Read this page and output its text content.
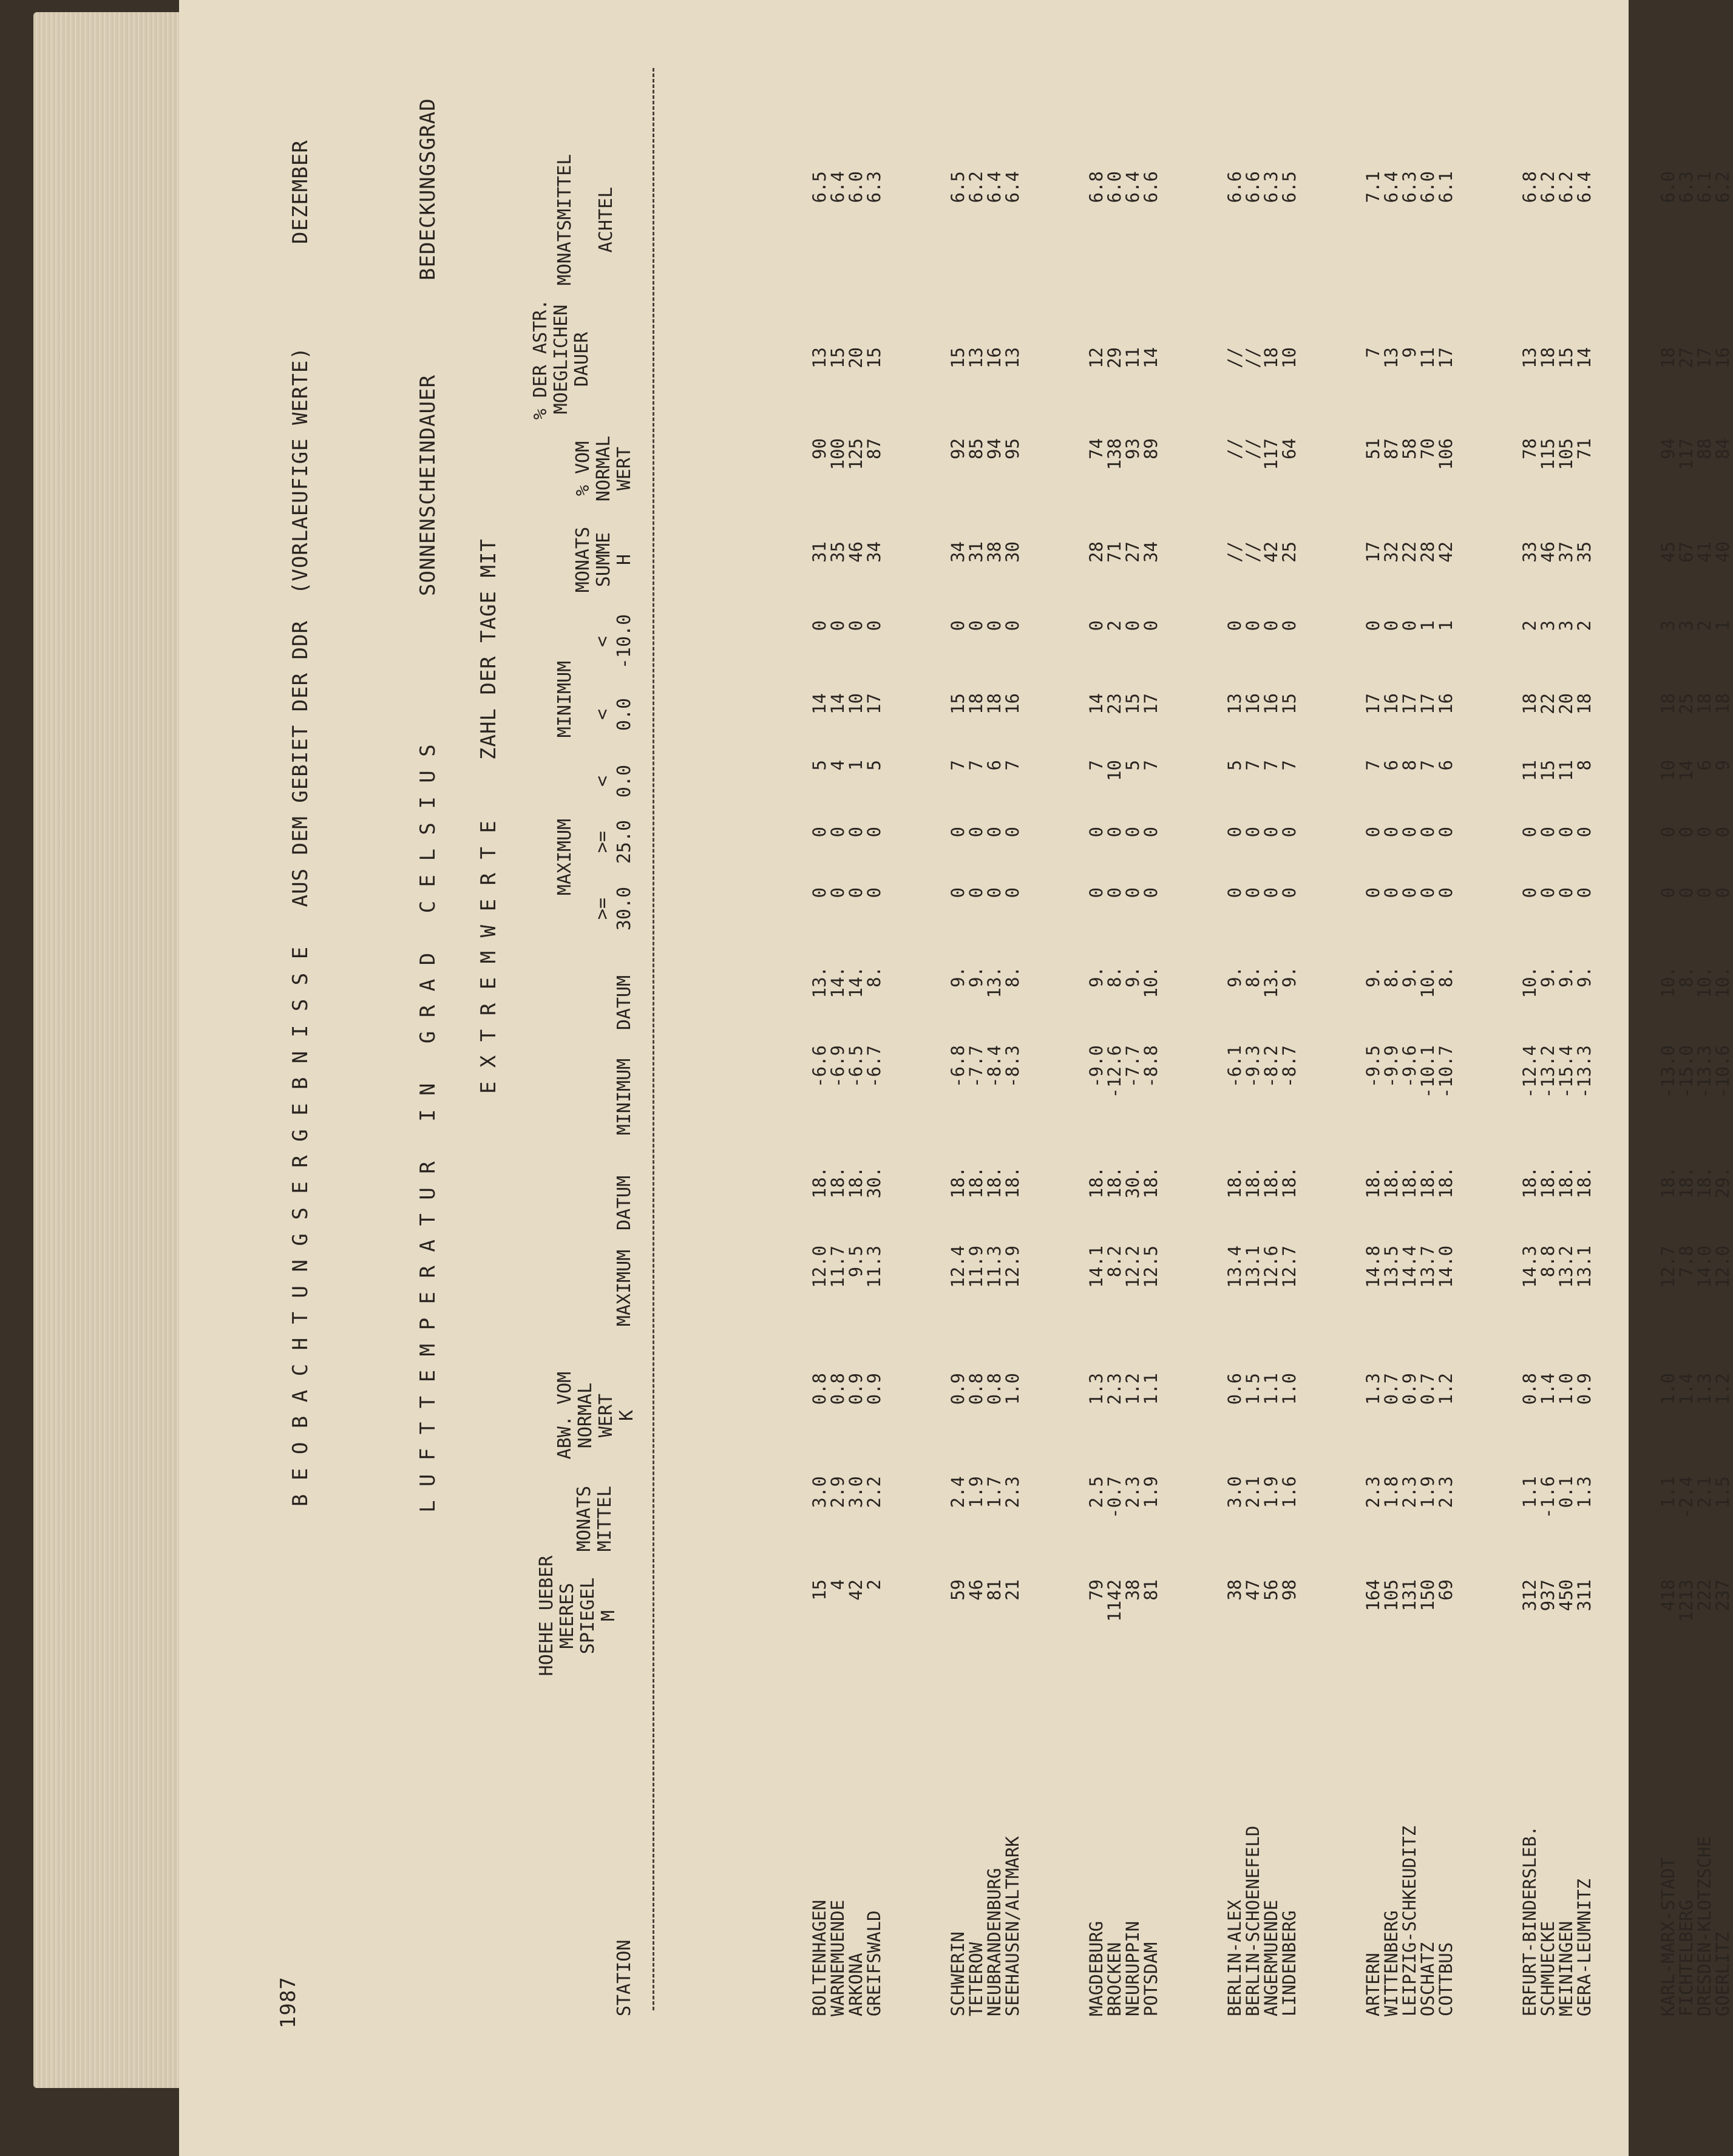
1987
B E O B A C H T U N G S E R G E B N I S S E   AUS DEM GEBIET DER DDR  (VORLAEUFIGE WERTE)
DEZEMBER
L U F T T E M P E R A T U R   I N   G R A D   C E L S I U S
SONNENSCHEINDAUER
BEDECKUNGSGRAD
E X T R E M W E R T E
ZAHL DER TAGE MIT
STATION
HOEHE UEBER MEERES SPIEGEL M
MONATS MITTEL
ABW. VOM NORMAL WERT K
MAXIMUM
DATUM
MINIMUM
DATUM
MAXIMUM
MINIMUM
>=
>=
<
<
<
30.0
25.0
0.0
0.0
-10.0
MONATS SUMME H
% VOM NORMAL WERT
% DER ASTR. MOEGLICHEN DAUER
MONATSMITTEL ACHTEL
BOLTENHAGEN
15
3.0
0.8
12.0
18.
-6.6
13.
0
0
5
14
0
31
90
13
6.5
WARNEMUENDE
4
2.9
0.8
11.7
18.
-6.9
14.
0
0
4
14
0
35
100
15
6.4
ARKONA
42
3.0
0.9
9.5
18.
-6.5
14.
0
0
1
10
0
46
125
20
6.0
GREIFSWALD
2
2.2
0.9
11.3
30.
-6.7
8.
0
0
5
17
0
34
87
15
6.3
SCHWERIN
59
2.4
0.9
12.4
18.
-6.8
9.
0
0
7
15
0
34
92
15
6.5
TETEROW
46
1.9
0.8
11.9
18.
-7.7
9.
0
0
7
18
0
31
85
13
6.2
NEUBRANDENBURG
81
1.7
0.8
11.3
18.
-8.4
13.
0
0
6
18
0
38
94
16
6.4
SEEHAUSEN/ALTMARK
21
2.3
1.0
12.9
18.
-8.3
8.
0
0
7
16
0
30
95
13
6.4
MAGDEBURG
79
2.5
1.3
14.1
18.
-9.0
9.
0
0
7
14
0
28
74
12
6.8
BROCKEN
1142
-0.7
2.3
8.2
18.
-12.6
8.
0
0
10
23
2
71
138
29
6.0
NEURUPPIN
38
2.3
1.2
12.2
30.
-7.7
9.
0
0
5
15
0
27
93
11
6.4
POTSDAM
81
1.9
1.1
12.5
18.
-8.8
10.
0
0
7
17
0
34
89
14
6.6
BERLIN-ALEX
38
3.0
0.6
13.4
18.
-6.1
9.
0
0
5
13
0
//
//
//
6.6
BERLIN-SCHOENEFELD
47
2.1
1.5
13.1
18.
-9.3
8.
0
0
7
16
0
//
//
//
6.6
ANGERMUENDE
56
1.9
1.1
12.6
18.
-8.2
13.
0
0
7
16
0
42
117
18
6.3
LINDENBERG
98
1.6
1.0
12.7
18.
-8.7
9.
0
0
7
15
0
25
64
10
6.5
ARTERN
164
2.3
1.3
14.8
18.
-9.5
9.
0
0
7
17
0
17
51
7
7.1
WITTENBERG
105
1.8
0.7
13.5
18.
-9.9
8.
0
0
6
16
0
32
87
13
6.4
LEIPZIG-SCHKEUDITZ
131
2.3
0.9
14.4
18.
-9.6
9.
0
0
8
17
0
22
58
9
6.3
OSCHATZ
150
1.9
0.7
13.7
18.
-10.1
10.
0
0
7
17
1
28
70
11
6.0
COTTBUS
69
2.3
1.2
14.0
18.
-10.7
8.
0
0
6
16
1
42
106
17
6.1
ERFURT-BINDERSLEB.
312
1.1
0.8
14.3
18.
-12.4
10.
0
0
11
18
2
33
78
13
6.8
SCHMUECKE
937
-1.6
1.4
8.8
18.
-13.2
9.
0
0
15
22
3
46
115
18
6.2
MEININGEN
450
0.1
1.0
13.2
18.
-15.4
9.
0
0
11
20
3
37
105
15
6.2
GERA-LEUMNITZ
311
1.3
0.9
13.1
18.
-13.3
9.
0
0
8
18
2
35
71
14
6.4
KARL-MARX-STADT
418
1.1
1.0
12.7
18.
-13.0
10.
0
0
10
18
3
45
94
18
6.0
FICHTELBERG
1213
-2.4
1.4
7.8
18.
-15.0
8.
0
0
14
25
3
67
117
27
6.3
DRESDEN-KLOTZSCHE
222
2.1
1.3
14.0
18.
-13.3
10.
0
0
6
18
2
41
88
17
6.1
GOERLITZ
237
1.5
1.2
12.0
29.
-10.6
10.
0
0
9
18
1
40
84
16
6.2
